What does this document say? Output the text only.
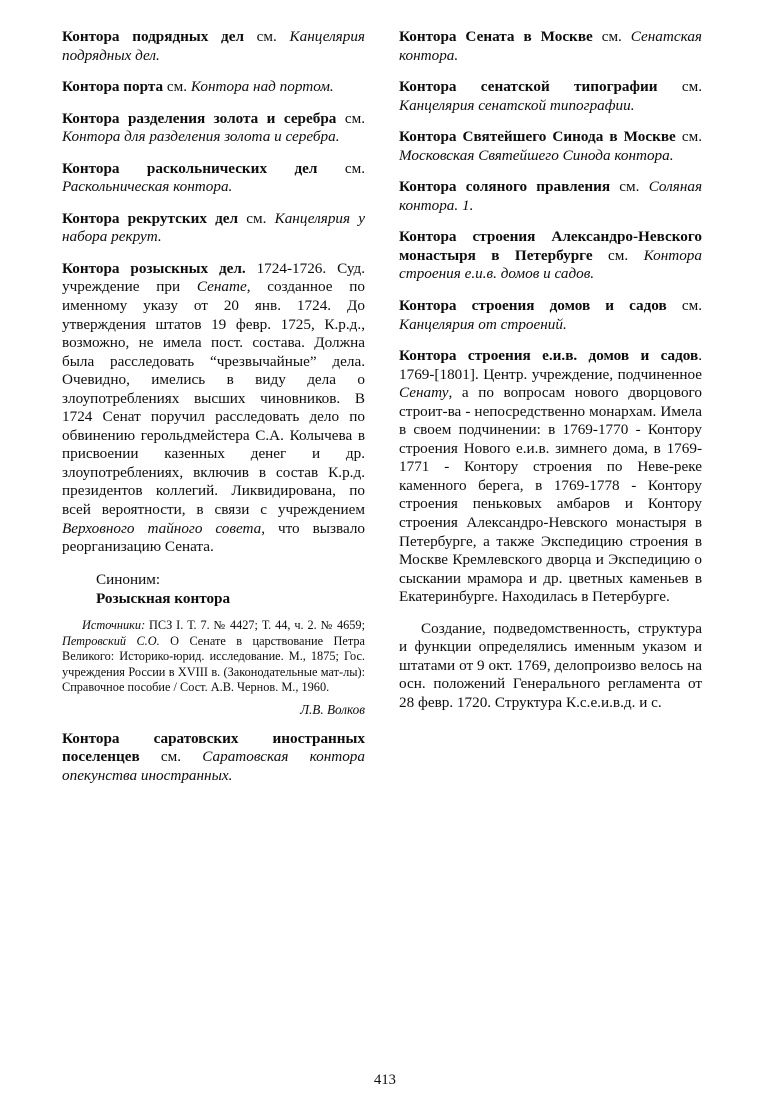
Контора подрядных дел см. Канцелярия подрядных дел.
Контора порта см. Контора над портом.
Контора разделения золота и серебра см. Контора для разделения золота и серебра.
Контора раскольнических дел см. Раскольническая контора.
Контора рекрутских дел см. Канцелярия у набора рекрут.
Контора розыскных дел. 1724-1726. Суд. учреждение при Сенате, созданное по именному указу от 20 янв. 1724. До утверждения штатов 19 февр. 1725, К.р.д., возможно, не имела пост. состава. Должна была расследовать “чрезвычайные” дела. Очевидно, имелись в виду дела о злоупотреблениях высших чиновников. В 1724 Сенат поручил расследовать дело по обвинению герольдмейстера С.А. Колычева в присвоении казенных денег и др. злоупотреблениях, включив в состав К.р.д. президентов коллегий. Ликвидирована, по всей вероятности, в связи с учреждением Верховного тайного совета, что вызвало реорганизацию Сената.
Синоним:
Розыскная контора
Источники: ПСЗ I. Т. 7. № 4427; Т. 44, ч. 2. № 4659; Петровский С.О. О Сенате в царствование Петра Великого: Историко-юрид. исследование. М., 1875; Гос. учреждения России в XVIII в. (Законодательные мат-лы): Справочное пособие / Сост. А.В. Чернов. М., 1960.
Л.В. Волков
Контора саратовских иностранных поселенцев см. Саратовская контора опекунства иностранных.
Контора Сената в Москве см. Сенатская контора.
Контора сенатской типографии см. Канцелярия сенатской типографии.
Контора Святейшего Синода в Москве см. Московская Святейшего Синода контора.
Контора соляного правления см. Соляная контора. 1.
Контора строения Александро-Невского монастыря в Петербурге см. Контора строения е.и.в. домов и садов.
Контора строения домов и садов см. Канцелярия от строений.
Контора строения е.и.в. домов и садов. 1769-[1801]. Центр. учреждение, подчиненное Сенату, а по вопросам нового дворцового строит-ва - непосредственно монархам. Имела в своем подчинении: в 1769-1770 - Контору строения Нового е.и.в. зимнего дома, в 1769-1771 - Контору строения по Неве-реке каменного берега, в 1769-1778 - Контору строения пеньковых амбаров и Контору строения Александро-Невского монастыря в Петербурге, а также Экспедицию строения в Москве Кремлевского дворца и Экспедицию о сыскании мрамора и др. цветных каменьев в Екатеринбурге. Находилась в Петербурге.
Создание, подведомственность, структура и функции определялись именным указом и штатами от 9 окт. 1769, делопроизво велось на осн. положений Генерального регламента от 28 февр. 1720. Структура К.с.е.и.в.д. и с.
413
